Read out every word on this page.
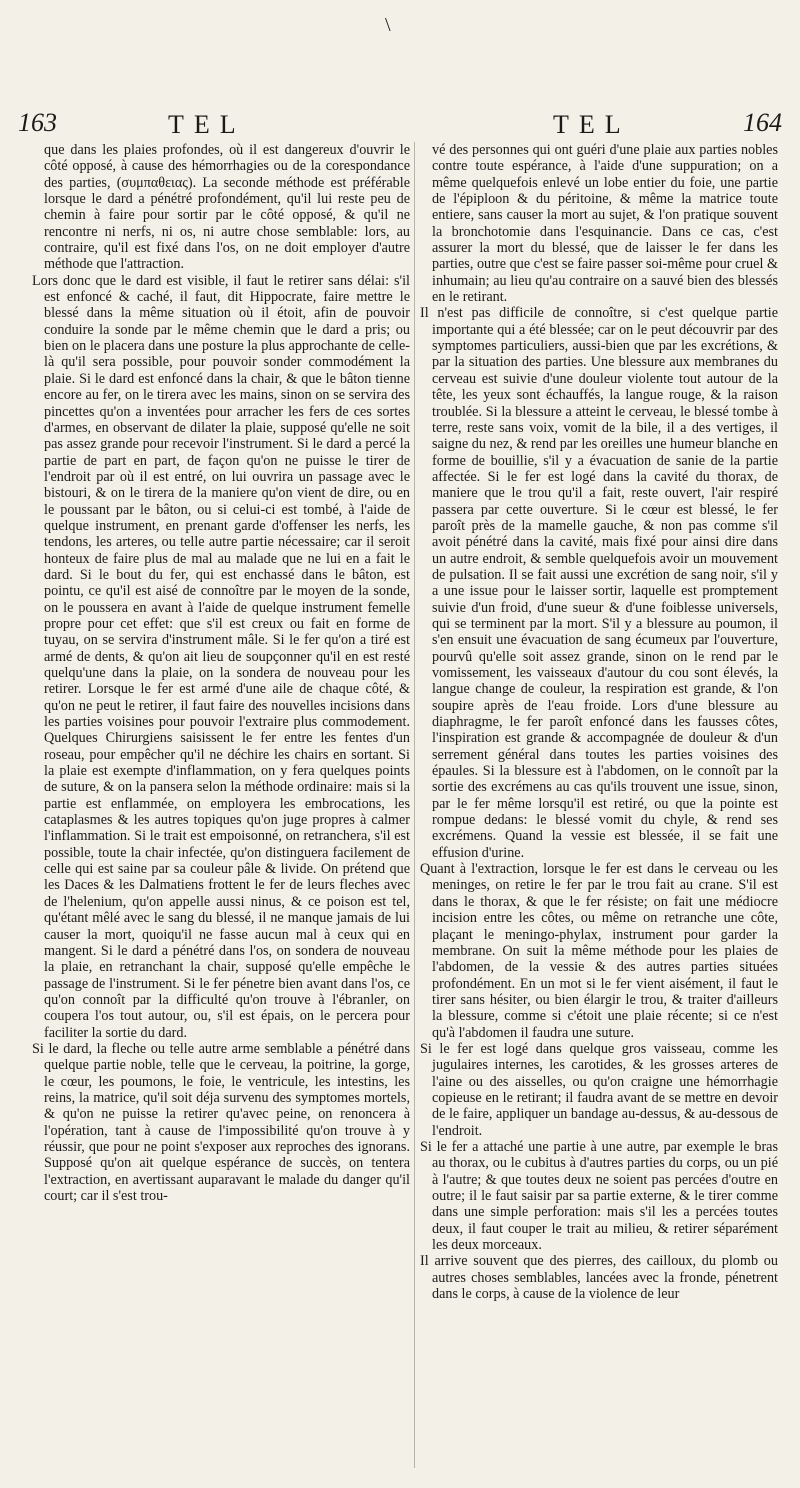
\
163	TEL	TEL	164

que dans les plaies profondes, où il est dangereux d'ouvrir le côté opposé, à cause des hémorrhagies ou de la corespondance des parties, (συμπαθειας). La seconde méthode est préférable lorsque le dard a pénétré profondément, qu'il lui reste peu de chemin à faire pour sortir par le côté opposé, & qu'il ne rencontre ni nerfs, ni os, ni autre chose semblable: lors, au contraire, qu'il est fixé dans l'os, on ne doit employer d'autre méthode que l'attraction.

Lors donc que le dard est visible, il faut le retirer sans délai: s'il est enfoncé & caché, il faut, dit Hippocrate, faire mettre le blessé dans la même situation où il étoit, afin de pouvoir conduire la sonde par le même chemin que le dard a pris; ou bien on le placera dans une posture la plus approchante de celle-là qu'il sera possible, pour pouvoir sonder commodément la plaie. Si le dard est enfoncé dans la chair, & que le bâton tienne encore au fer, on le tirera avec les mains, sinon on se servira des pincettes qu'on a inventées pour arracher les fers de ces sortes d'armes, en observant de dilater la plaie, supposé qu'elle ne soit pas assez grande pour recevoir l'instrument. Si le dard a percé la partie de part en part, de façon qu'on ne puisse le tirer de l'endroit par où il est entré, on lui ouvrira un passage avec le bistouri, & on le tirera de la maniere qu'on vient de dire, ou en le poussant par le bâton, ou si celui-ci est tombé, à l'aide de quelque instrument, en prenant garde d'offenser les nerfs, les tendons, les arteres, ou telle autre partie nécessaire; car il seroit honteux de faire plus de mal au malade que ne lui en a fait le dard. Si le bout du fer, qui est enchassé dans le bâton, est pointu, ce qu'il est aisé de connoître par le moyen de la sonde, on le poussera en avant à l'aide de quelque instrument femelle propre pour cet effet: que s'il est creux ou fait en forme de tuyau, on se servira d'instrument mâle. Si le fer qu'on a tiré est armé de dents, & qu'on ait lieu de soupçonner qu'il en est resté quelqu'une dans la plaie, on la sondera de nouveau pour les retirer. Lorsque le fer est armé d'une aile de chaque côté, & qu'on ne peut le retirer, il faut faire des nouvelles incisions dans les parties voisines pour pouvoir l'extraire plus commodement. Quelques Chirurgiens saisissent le fer entre les fentes d'un roseau, pour empêcher qu'il ne déchire les chairs en sortant. Si la plaie est exempte d'inflammation, on y fera quelques points de suture, & on la pansera selon la méthode ordinaire: mais si la partie est enflammée, on employera les embrocations, les cataplasmes & les autres topiques qu'on juge propres à calmer l'inflammation. Si le trait est empoisonné, on retranchera, s'il est possible, toute la chair infectée, qu'on distinguera facilement de celle qui est saine par sa couleur pâle & livide. On prétend que les Daces & les Dalmatiens frottent le fer de leurs fleches avec de l'helenium, qu'on appelle aussi ninus, & ce poison est tel, qu'étant mêlé avec le sang du blessé, il ne manque jamais de lui causer la mort, quoiqu'il ne fasse aucun mal à ceux qui en mangent. Si le dard a pénétré dans l'os, on sondera de nouveau la plaie, en retranchant la chair, supposé qu'elle empêche le passage de l'instrument. Si le fer pénetre bien avant dans l'os, ce qu'on connoît par la difficulté qu'on trouve à l'ébranler, on coupera l'os tout autour, ou, s'il est épais, on le percera pour faciliter la sortie du dard.

Si le dard, la fleche ou telle autre arme semblable a pénétré dans quelque partie noble, telle que le cerveau, la poitrine, la gorge, le cœur, les poumons, le foie, le ventricule, les intestins, les reins, la matrice, qu'il soit déja survenu des symptomes mortels, & qu'on ne puisse la retirer qu'avec peine, on renoncera à l'opération, tant à cause de l'impossibilité qu'on trouve à y réussir, que pour ne point s'exposer aux reproches des ignorans. Supposé qu'on ait quelque espérance de succès, on tentera l'extraction, en avertissant auparavant le malade du danger qu'il court; car il s'est trou-

vé des personnes qui ont guéri d'une plaie aux parties nobles contre toute espérance, à l'aide d'une suppuration; on a même quelquefois enlevé un lobe entier du foie, une partie de l'épiploon & du péritoine, & même la matrice toute entiere, sans causer la mort au sujet, & l'on pratique souvent la bronchotomie dans l'esquinancie. Dans ce cas, c'est assurer la mort du blessé, que de laisser le fer dans les parties, outre que c'est se faire passer soi-même pour cruel & inhumain; au lieu qu'au contraire on a sauvé bien des blessés en le retirant.

Il n'est pas difficile de connoître, si c'est quelque partie importante qui a été blessée; car on le peut découvrir par des symptomes particuliers, aussi-bien que par les excrétions, & par la situation des parties. Une blessure aux membranes du cerveau est suivie d'une douleur violente tout autour de la tête, les yeux sont échauffés, la langue rouge, & la raison troublée. Si la blessure a atteint le cerveau, le blessé tombe à terre, reste sans voix, vomit de la bile, il a des vertiges, il saigne du nez, & rend par les oreilles une humeur blanche en forme de bouillie, s'il y a évacuation de sanie de la partie affectée. Si le fer est logé dans la cavité du thorax, de maniere que le trou qu'il a fait, reste ouvert, l'air respiré passera par cette ouverture. Si le cœur est blessé, le fer paroît près de la mamelle gauche, & non pas comme s'il avoit pénétré dans la cavité, mais fixé pour ainsi dire dans un autre endroit, & semble quelquefois avoir un mouvement de pulsation. Il se fait aussi une excrétion de sang noir, s'il y a une issue pour le laisser sortir, laquelle est promptement suivie d'un froid, d'une sueur & d'une foiblesse universels, qui se terminent par la mort. S'il y a blessure au poumon, il s'en ensuit une évacuation de sang écumeux par l'ouverture, pourvû qu'elle soit assez grande, sinon on le rend par le vomissement, les vaisseaux d'autour du cou sont élevés, la langue change de couleur, la respiration est grande, & l'on soupire après de l'eau froide. Lors d'une blessure au diaphragme, le fer paroît enfoncé dans les fausses côtes, l'inspiration est grande & accompagnée de douleur & d'un serrement général dans toutes les parties voisines des épaules. Si la blessure est à l'abdomen, on le connoît par la sortie des excrémens au cas qu'ils trouvent une issue, sinon, par le fer même lorsqu'il est retiré, ou que la pointe est rompue dedans: le blessé vomit du chyle, & rend ses excrémens. Quand la vessie est blessée, il se fait une effusion d'urine.

Quant à l'extraction, lorsque le fer est dans le cerveau ou les meninges, on retire le fer par le trou fait au crane. S'il est dans le thorax, & que le fer résiste; on fait une médiocre incision entre les côtes, ou même on retranche une côte, plaçant le meningo-phylax, instrument pour garder la membrane. On suit la même méthode pour les plaies de l'abdomen, de la vessie & des autres parties situées profondément. En un mot si le fer vient aisément, il faut le tirer sans hésiter, ou bien élargir le trou, & traiter d'ailleurs la blessure, comme si c'étoit une plaie récente; si ce n'est qu'à l'abdomen il faudra une suture.

Si le fer est logé dans quelque gros vaisseau, comme les jugulaires internes, les carotides, & les grosses arteres de l'aine ou des aisselles, ou qu'on craigne une hémorrhagie copieuse en le retirant; il faudra avant de se mettre en devoir de le faire, appliquer un bandage au-dessus, & au-dessous de l'endroit.

Si le fer a attaché une partie à une autre, par exemple le bras au thorax, ou le cubitus à d'autres parties du corps, ou un pié à l'autre; & que toutes deux ne soient pas percées d'outre en outre; il le faut saisir par sa partie externe, & le tirer comme dans une simple perforation: mais s'il les a percées toutes deux, il faut couper le trait au milieu, & retirer séparément les deux morceaux.

Il arrive souvent que des pierres, des cailloux, du plomb ou autres choses semblables, lancées avec la fronde, pénetrent dans le corps, à cause de la violence de leur
